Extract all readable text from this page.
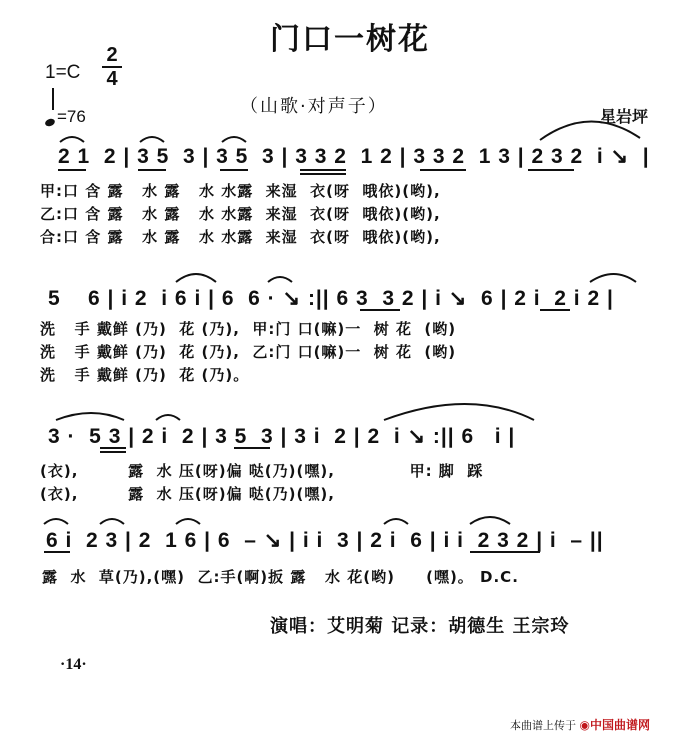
门口一树花
1=C
2
4
=76	（山歌·对声子）	星岩坪
2 1  2 | 3 5  3 | 3 5  3 | 3 3 2  1 2 | 3 3 2  1 3 | 2 3 2  i ↘  |
甲:口 含 露   水 露   水 水露  来湿  衣(呀  哦依)(哟),
乙:口 含 露   水 露   水 水露  来湿  衣(呀  哦依)(哟),
合:口 含 露   水 露   水 水露  来湿  衣(呀  哦依)(哟),
5    6 | i 2  i 6 i | 6  6 · ↘ :|| 6 3  3 2 | i ↘  6 | 2 i  2 i 2 |
洗   手 戴鲜 (乃)  花 (乃),  甲:门 口(嘛)一  树 花  (哟)
洗   手 戴鲜 (乃)  花 (乃),  乙:门 口(嘛)一  树 花  (哟)
洗   手 戴鲜 (乃)  花 (乃)。
3 ·  5 3 | 2 i  2 | 3 5  3 | 3 i  2 | 2  i ↘ :|| 6   i |
(衣),        露  水 压(呀)偏 哒(乃)(嘿),            甲: 脚  踩
(衣),        露  水 压(呀)偏 哒(乃)(嘿),
6 i  2 3 | 2  1 6 | 6  – ↘ | i i  3 | 2 i  6 | i i  2 3 2 | i  – ||
露  水  草(乃),(嘿)  乙:手(啊)扳 露   水 花(哟)     (嘿)。 D.C.
演唱：艾明菊 记录：胡德生 王宗玲
·14·
本曲谱上传于 ◉中国曲谱网
